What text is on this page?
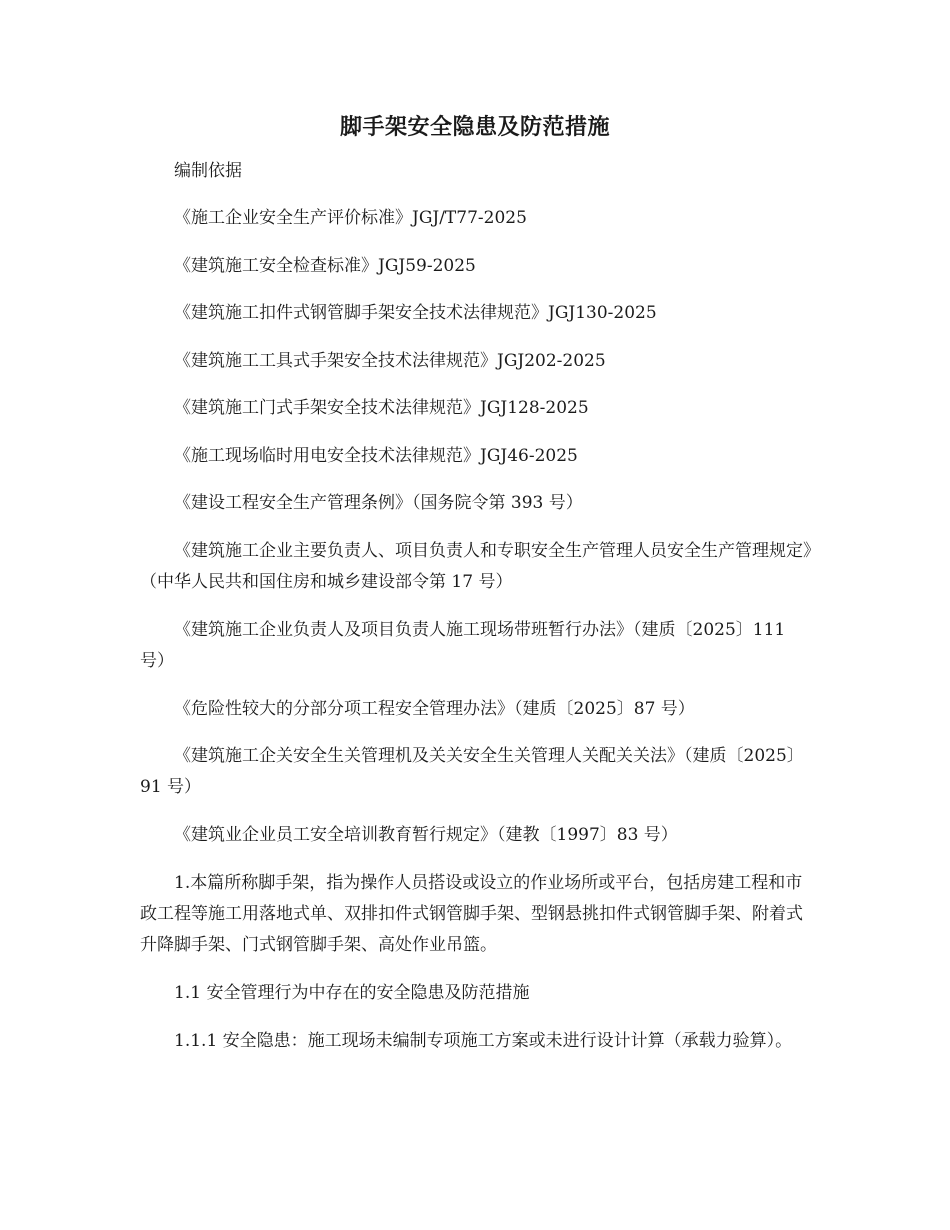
脚手架安全隐患及防范措施
编制依据
《施工企业安全生产评价标准》JGJ/T77-2025
《建筑施工安全检查标准》JGJ59-2025
《建筑施工扣件式钢管脚手架安全技术法律规范》JGJ130-2025
《建筑施工工具式手架安全技术法律规范》JGJ202-2025
《建筑施工门式手架安全技术法律规范》JGJ128-2025
《施工现场临时用电安全技术法律规范》JGJ46-2025
《建设工程安全生产管理条例》（国务院令第 393 号）
《建筑施工企业主要负责人、项目负责人和专职安全生产管理人员安全生产管理规定》（中华人民共和国住房和城乡建设部令第 17 号）
《建筑施工企业负责人及项目负责人施工现场带班暂行办法》（建质〔2025〕111 号）
《危险性较大的分部分项工程安全管理办法》（建质〔2025〕87 号）
《建筑施工企关安全生关管理机及关关安全生关管理人关配关关法》（建质〔2025〕91 号）
《建筑业企业员工安全培训教育暂行规定》（建教〔1997〕83 号）
1.本篇所称脚手架，指为操作人员搭设或设立的作业场所或平台，包括房建工程和市政工程等施工用落地式单、双排扣件式钢管脚手架、型钢悬挑扣件式钢管脚手架、附着式升降脚手架、门式钢管脚手架、高处作业吊篮。
1.1 安全管理行为中存在的安全隐患及防范措施
1.1.1 安全隐患：施工现场未编制专项施工方案或未进行设计计算（承载力验算）。
